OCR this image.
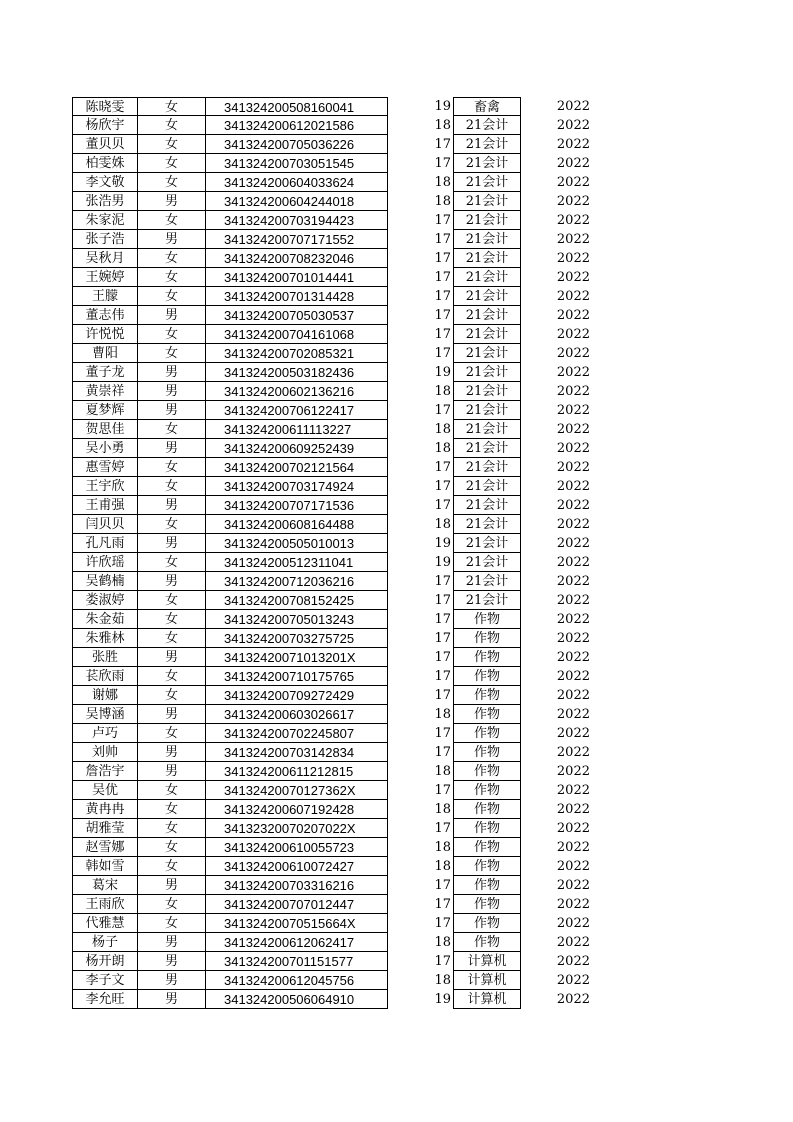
陈晓雯	女	341324200508160041	19	畜禽	2022
杨欣宇	女	341324200612021586	18	21会计	2022
董贝贝	女	341324200705036226	17	21会计	2022
柏雯姝	女	341324200703051545	17	21会计	2022
李文敬	女	341324200604033624	18	21会计	2022
张浩男	男	341324200604244018	18	21会计	2022
朱家泥	女	341324200703194423	17	21会计	2022
张子浩	男	341324200707171552	17	21会计	2022
吴秋月	女	341324200708232046	17	21会计	2022
王婉婷	女	341324200701014441	17	21会计	2022
王朦	女	341324200701314428	17	21会计	2022
董志伟	男	341324200705030537	17	21会计	2022
许悦悦	女	341324200704161068	17	21会计	2022
曹阳	女	341324200702085321	17	21会计	2022
董子龙	男	341324200503182436	19	21会计	2022
黄崇祥	男	341324200602136216	18	21会计	2022
夏梦辉	男	341324200706122417	17	21会计	2022
贺思佳	女	341324200611113227	18	21会计	2022
吴小勇	男	341324200609252439	18	21会计	2022
惠雪婷	女	341324200702121564	17	21会计	2022
王宇欣	女	341324200703174924	17	21会计	2022
王甫强	男	341324200707171536	17	21会计	2022
闫贝贝	女	341324200608164488	18	21会计	2022
孔凡雨	男	341324200505010013	19	21会计	2022
许欣瑶	女	341324200512311041	19	21会计	2022
吴鹤楠	男	341324200712036216	17	21会计	2022
娄淑婷	女	341324200708152425	17	21会计	2022
朱金茹	女	341324200705013243	17	作物	2022
朱雅林	女	341324200703275725	17	作物	2022
张胜	男	34132420071013201X	17	作物	2022
苌欣雨	女	341324200710175765	17	作物	2022
谢娜	女	341324200709272429	17	作物	2022
吴博涵	男	341324200603026617	18	作物	2022
卢巧	女	341324200702245807	17	作物	2022
刘帅	男	341324200703142834	17	作物	2022
詹浩宇	男	341324200611212815	18	作物	2022
吴优	女	34132420070127362X	17	作物	2022
黄冉冉	女	341324200607192428	18	作物	2022
胡雅莹	女	34132320070207022X	17	作物	2022
赵雪娜	女	341324200610055723	18	作物	2022
韩如雪	女	341324200610072427	18	作物	2022
葛宋	男	341324200703316216	17	作物	2022
王雨欣	女	341324200707012447	17	作物	2022
代雅慧	女	34132420070515664X	17	作物	2022
杨子	男	341324200612062417	18	作物	2022
杨开朗	男	341324200701151577	17	计算机	2022
李子文	男	341324200612045756	18	计算机	2022
李允旺	男	341324200506064910	19	计算机	2022
